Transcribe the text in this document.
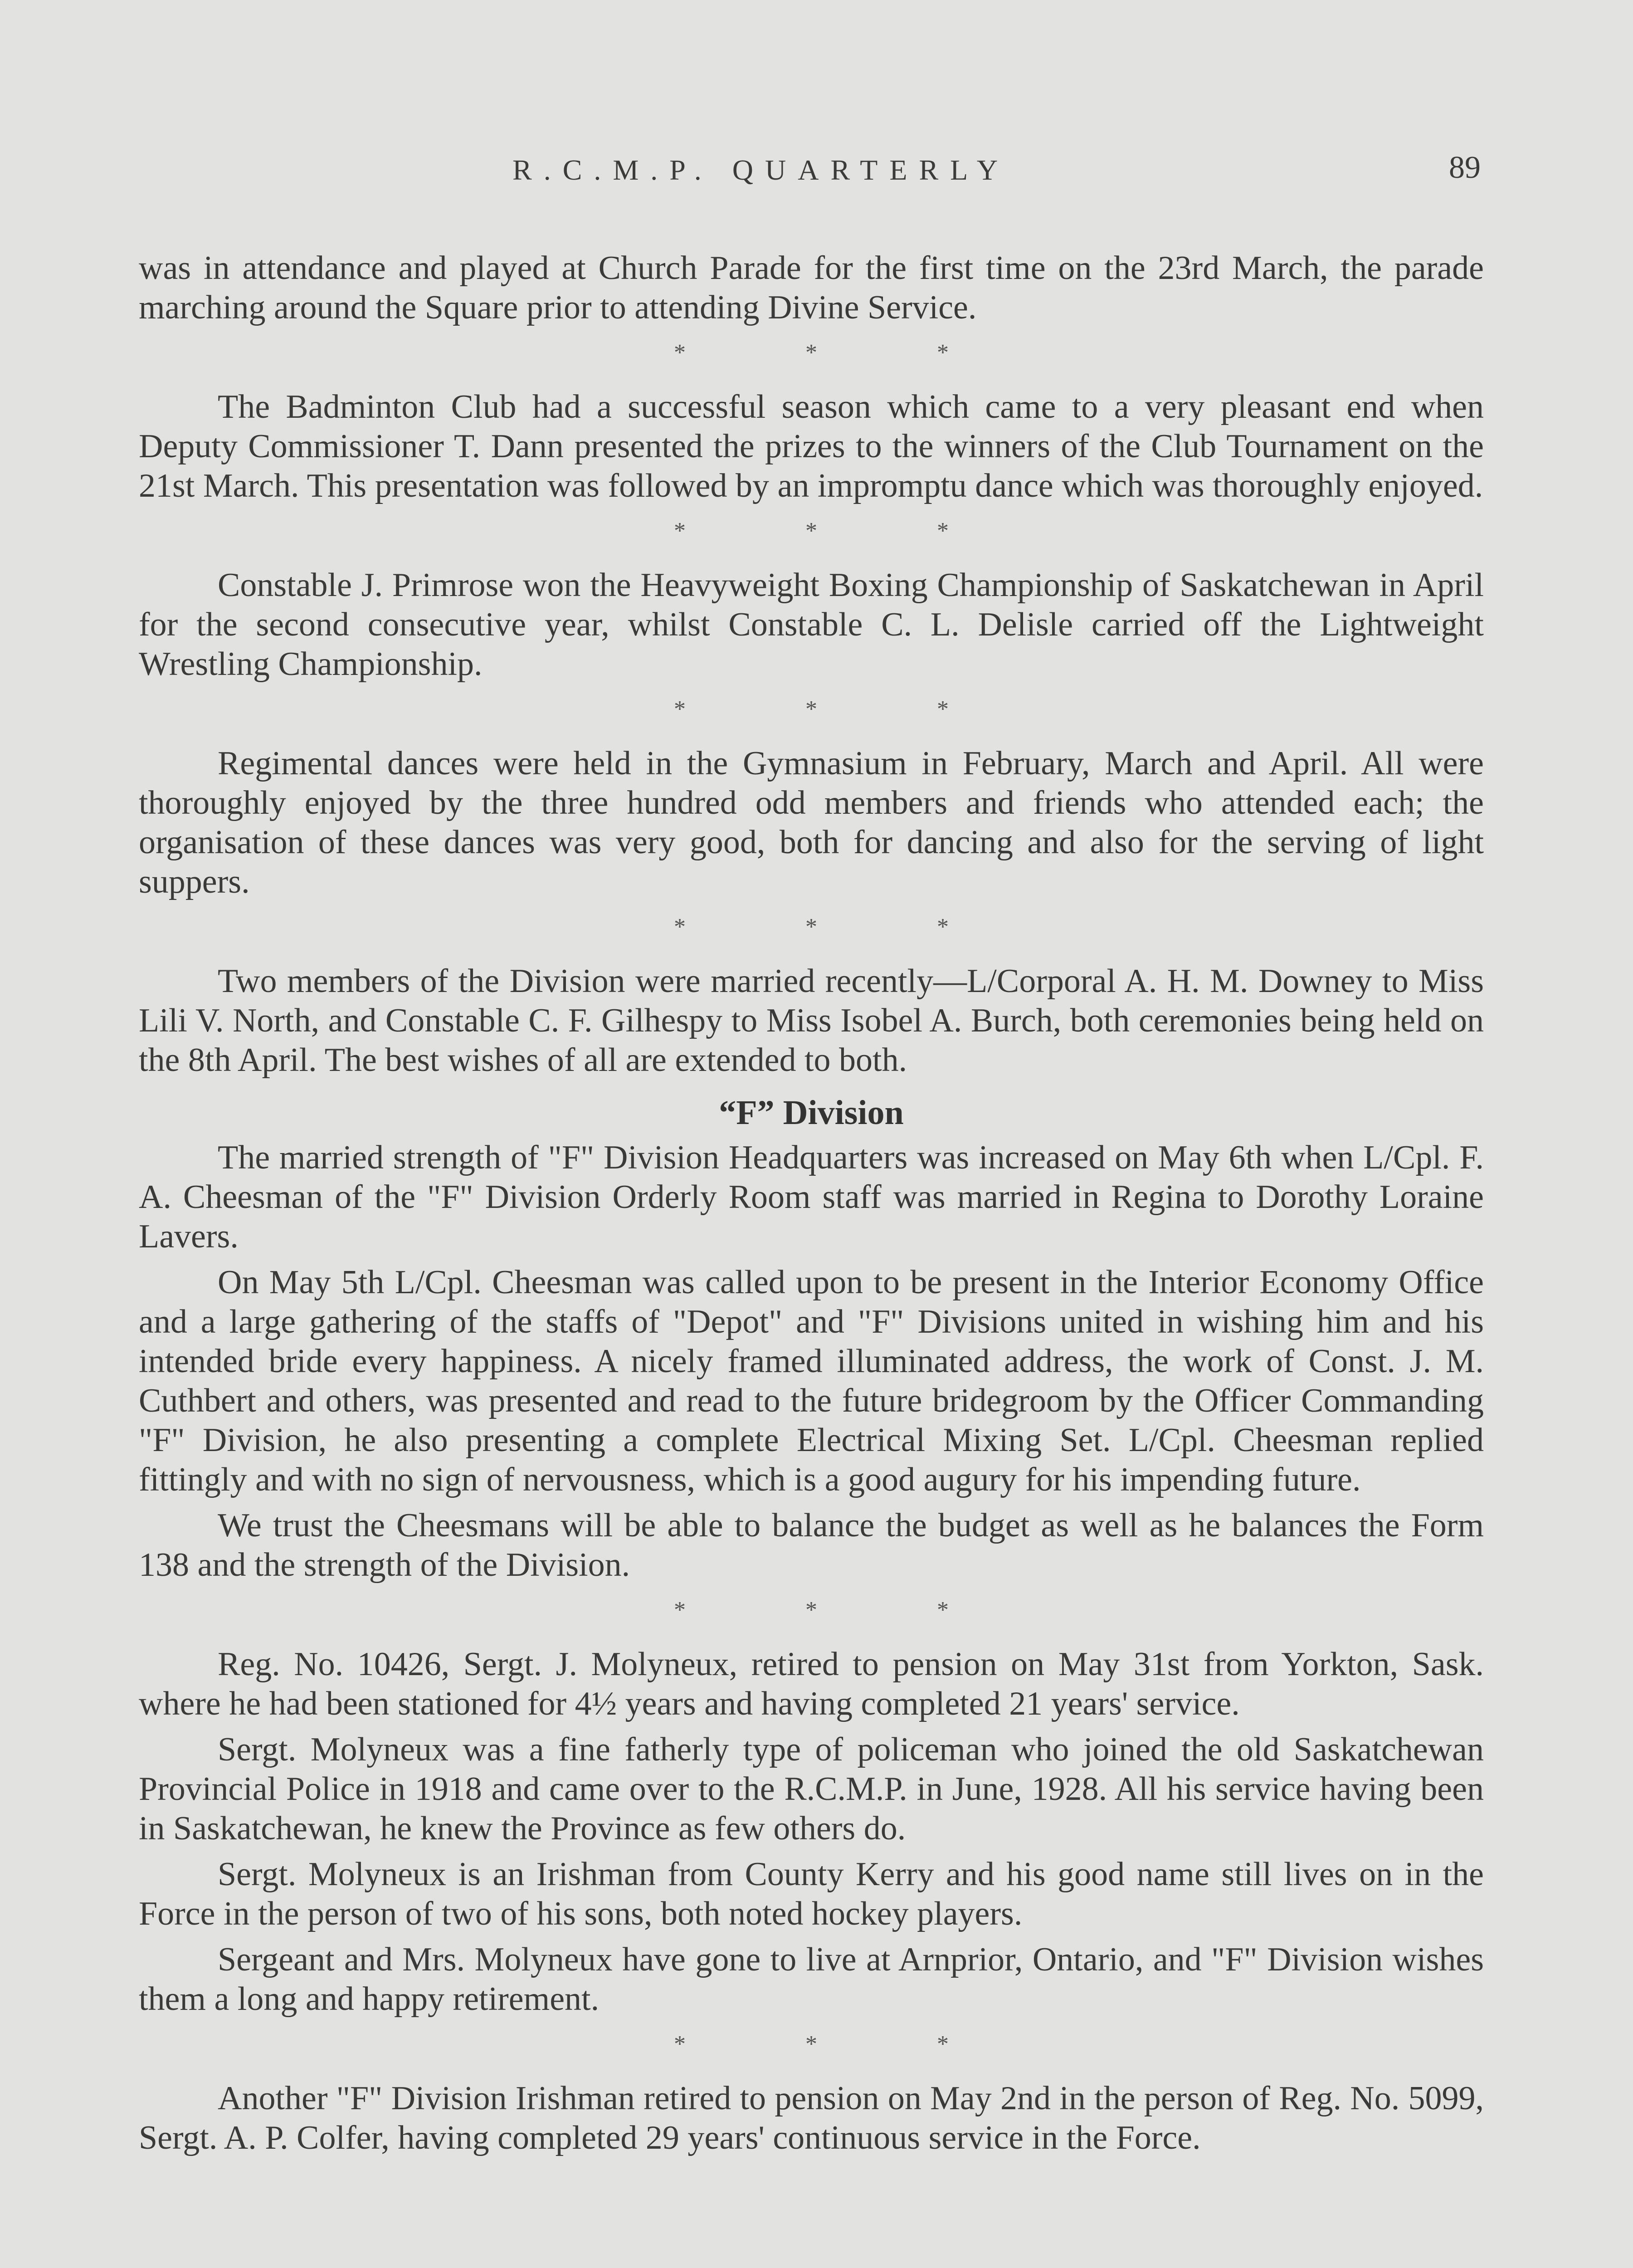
R.C.M.P. QUARTERLY	89

was in attendance and played at Church Parade for the first time on the 23rd March, the parade marching around the Square prior to attending Divine Service.

*	*	*

The Badminton Club had a successful season which came to a very pleasant end when Deputy Commissioner T. Dann presented the prizes to the winners of the Club Tournament on the 21st March. This presentation was followed by an impromptu dance which was thoroughly enjoyed.

*	*	*

Constable J. Primrose won the Heavyweight Boxing Championship of Saskatchewan in April for the second consecutive year, whilst Constable C. L. Delisle carried off the Lightweight Wrestling Championship.

*	*	*

Regimental dances were held in the Gymnasium in February, March and April. All were thoroughly enjoyed by the three hundred odd members and friends who attended each; the organisation of these dances was very good, both for dancing and also for the serving of light suppers.

*	*	*

Two members of the Division were married recently—L/Corporal A. H. M. Downey to Miss Lili V. North, and Constable C. F. Gilhespy to Miss Isobel A. Burch, both ceremonies being held on the 8th April. The best wishes of all are extended to both.

“F” Division

The married strength of "F" Division Headquarters was increased on May 6th when L/Cpl. F. A. Cheesman of the "F" Division Orderly Room staff was married in Regina to Dorothy Loraine Lavers.

On May 5th L/Cpl. Cheesman was called upon to be present in the Interior Economy Office and a large gathering of the staffs of "Depot" and "F" Divisions united in wishing him and his intended bride every happiness. A nicely framed illuminated address, the work of Const. J. M. Cuthbert and others, was presented and read to the future bridegroom by the Officer Commanding "F" Division, he also presenting a complete Electrical Mixing Set. L/Cpl. Cheesman replied fittingly and with no sign of nervousness, which is a good augury for his impending future.

We trust the Cheesmans will be able to balance the budget as well as he balances the Form 138 and the strength of the Division.

*	*	*

Reg. No. 10426, Sergt. J. Molyneux, retired to pension on May 31st from Yorkton, Sask. where he had been stationed for 4½ years and having completed 21 years' service.

Sergt. Molyneux was a fine fatherly type of policeman who joined the old Saskatchewan Provincial Police in 1918 and came over to the R.C.M.P. in June, 1928. All his service having been in Saskatchewan, he knew the Province as few others do.

Sergt. Molyneux is an Irishman from County Kerry and his good name still lives on in the Force in the person of two of his sons, both noted hockey players.

Sergeant and Mrs. Molyneux have gone to live at Arnprior, Ontario, and "F" Division wishes them a long and happy retirement.

*	*	*

Another "F" Division Irishman retired to pension on May 2nd in the person of Reg. No. 5099, Sergt. A. P. Colfer, having completed 29 years' continuous service in the Force.
